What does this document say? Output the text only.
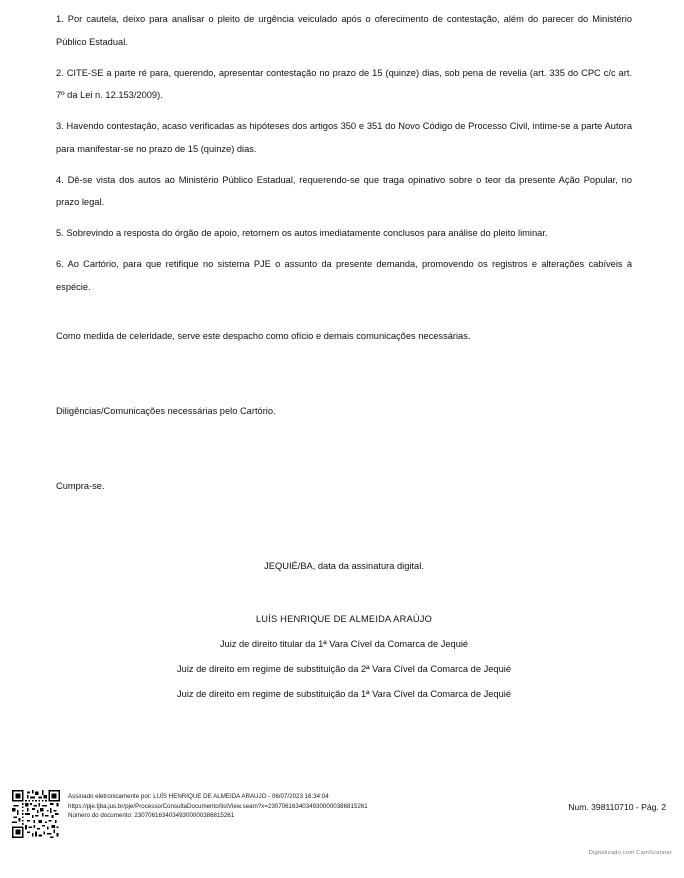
1. Por cautela, deixo para analisar o pleito de urgência veiculado após o oferecimento de contestação, além do parecer do Ministério Público Estadual.

2. CITE-SE a parte ré para, querendo, apresentar contestação no prazo de 15 (quinze) dias, sob pena de revelia (art. 335 do CPC c/c art. 7º da Lei n. 12.153/2009).

3. Havendo contestação, acaso verificadas as hipóteses dos artigos 350 e 351 do Novo Código de Processo Civil, intime-se a parte Autora para manifestar-se no prazo de 15 (quinze) dias.

4. Dê-se vista dos autos ao Ministério Público Estadual, requerendo-se que traga opinativo sobre o teor da presente Ação Popular, no prazo legal.

5. Sobrevindo a resposta do órgão de apoio, retornem os autos imediatamente conclusos para análise do pleito liminar.

6. Ao Cartório, para que retifique no sistema PJE o assunto da presente demanda, promovendo os registros e alterações cabíveis à espécie.

Como medida de celeridade, serve este despacho como ofício e demais comunicações necessárias.
Diligências/Comunicações necessárias pelo Cartório.
Cumpra-se.
JEQUIÉ/BA, data da assinatura digital.
LUÍS HENRIQUE DE ALMEIDA ARAÚJO
Juiz de direito titular da 1ª Vara Cível da Comarca de Jequié
Juiz de direito em regime de substituição da 2ª Vara Cível da Comarca de Jequié
Juiz de direito em regime de substituição da 1ª Vara Cível da Comarca de Jequié
Assinado eletronicamente por: LUÍS HENRIQUE DE ALMEIDA ARAUJO - 06/07/2023 16:34:04
https://pje.tjba.jus.br/pje/Processo/ConsultaDocumento/listView.seam?x=23070616340349300000386815261
Número do documento: 23070616340349300000386815261
Num. 398110710 - Pág. 2
Digitalizado com CamScanner
